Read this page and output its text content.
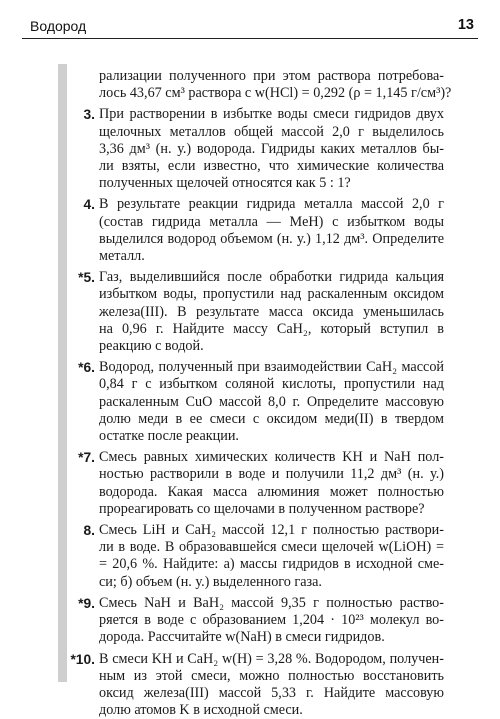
Водород	13
рализации полученного при этом раствора потребова-
лось 43,67 см³ раствора с w(HCl) = 0,292 (ρ = 1,145 г/см³)?
3. При растворении в избытке воды смеси гидридов двух
щелочных металлов общей массой 2,0 г выделилось
3,36 дм³ (н. у.) водорода. Гидриды каких металлов бы-
ли взяты, если известно, что химические количества
полученных щелочей относятся как 5 : 1?
4. В результате реакции гидрида металла массой 2,0 г
(состав гидрида металла — MeH) с избытком воды
выделился водород объемом (н. у.) 1,12 дм³. Определите
металл.
*5. Газ, выделившийся после обработки гидрида кальция
избытком воды, пропустили над раскаленным оксидом
железа(III). В результате масса оксида уменьшилась
на 0,96 г. Найдите массу CaH₂, который вступил в
реакцию с водой.
*6. Водород, полученный при взаимодействии CaH₂ массой
0,84 г с избытком соляной кислоты, пропустили над
раскаленным CuO массой 8,0 г. Определите массовую
долю меди в ее смеси с оксидом меди(II) в твердом
остатке после реакции.
*7. Смесь равных химических количеств KH и NaH пол-
ностью растворили в воде и получили 11,2 дм³ (н. у.)
водорода. Какая масса алюминия может полностью
прореагировать со щелочами в полученном растворе?
8. Смесь LiH и CaH₂ массой 12,1 г полностью раствори-
ли в воде. В образовавшейся смеси щелочей w(LiOH) =
= 20,6 %. Найдите: а) массы гидридов в исходной сме-
си; б) объем (н. у.) выделенного газа.
*9. Смесь NaH и BaH₂ массой 9,35 г полностью раство-
ряется в воде с образованием 1,204 · 10²³ молекул во-
дорода. Рассчитайте w(NaH) в смеси гидридов.
*10. В смеси KH и CaH₂ w(H) = 3,28 %. Водородом, получен-
ным из этой смеси, можно полностью восстановить
оксид железа(III) массой 5,33 г. Найдите массовую
долю атомов K в исходной смеси.
